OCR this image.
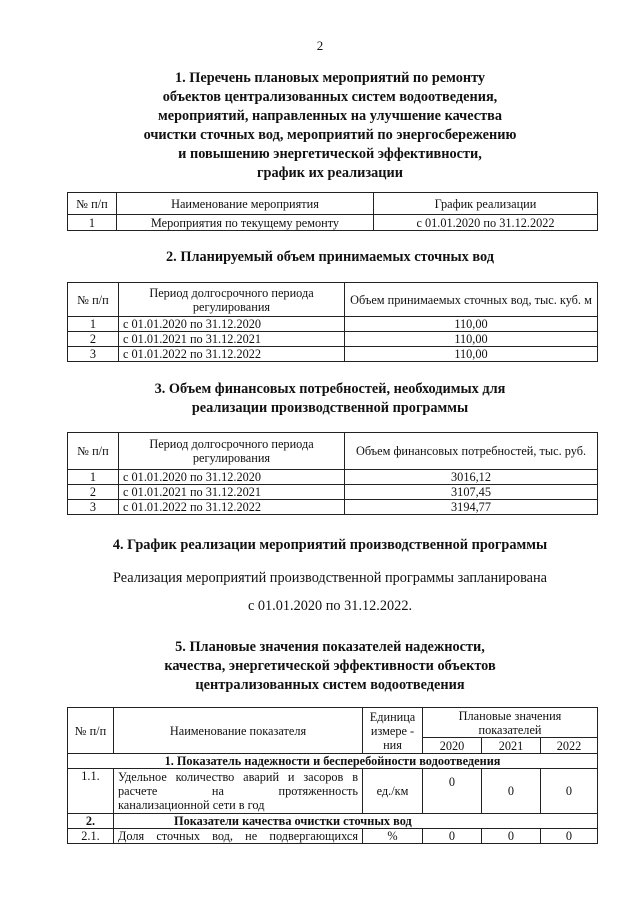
2
1. Перечень плановых мероприятий по ремонту
объектов централизованных систем водоотведения,
мероприятий, направленных на улучшение качества
очистки сточных вод, мероприятий по энергосбережению
и повышению энергетической эффективности,
график их реализации
№ п/п	Наименование мероприятия	График реализации
1	Мероприятия по текущему ремонту	с 01.01.2020 по 31.12.2022
2. Планируемый объем принимаемых сточных вод
№ п/п	Период долгосрочного периода регулирования	Объем принимаемых сточных вод, тыс. куб. м
1	с 01.01.2020 по 31.12.2020	110,00
2	с 01.01.2021 по 31.12.2021	110,00
3	с 01.01.2022 по 31.12.2022	110,00
3. Объем финансовых потребностей, необходимых для
реализации производственной программы
№ п/п	Период долгосрочного периода регулирования	Объем финансовых потребностей, тыс. руб.
1	с 01.01.2020 по 31.12.2020	3016,12
2	с 01.01.2021 по 31.12.2021	3107,45
3	с 01.01.2022 по 31.12.2022	3194,77
4. График реализации мероприятий производственной программы
Реализация мероприятий производственной программы запланирована
с 01.01.2020 по 31.12.2022.
5. Плановые значения показателей надежности,
качества, энергетической эффективности объектов
централизованных систем водоотведения
№ п/п	Наименование показателя	Единица измере - ния	Плановые значения показателей		
			2020	2021	2022
1. Показатель надежности и бесперебойности водоотведения					
1.1.	Удельное количество аварий и засоров в
расчете на протяженность
канализационной сети в год	ед./км	0	0	0
2.	Показатели качества очистки сточных вод				
2.1.	Доля сточных вод, не подвергающихся	%	0	0	0
